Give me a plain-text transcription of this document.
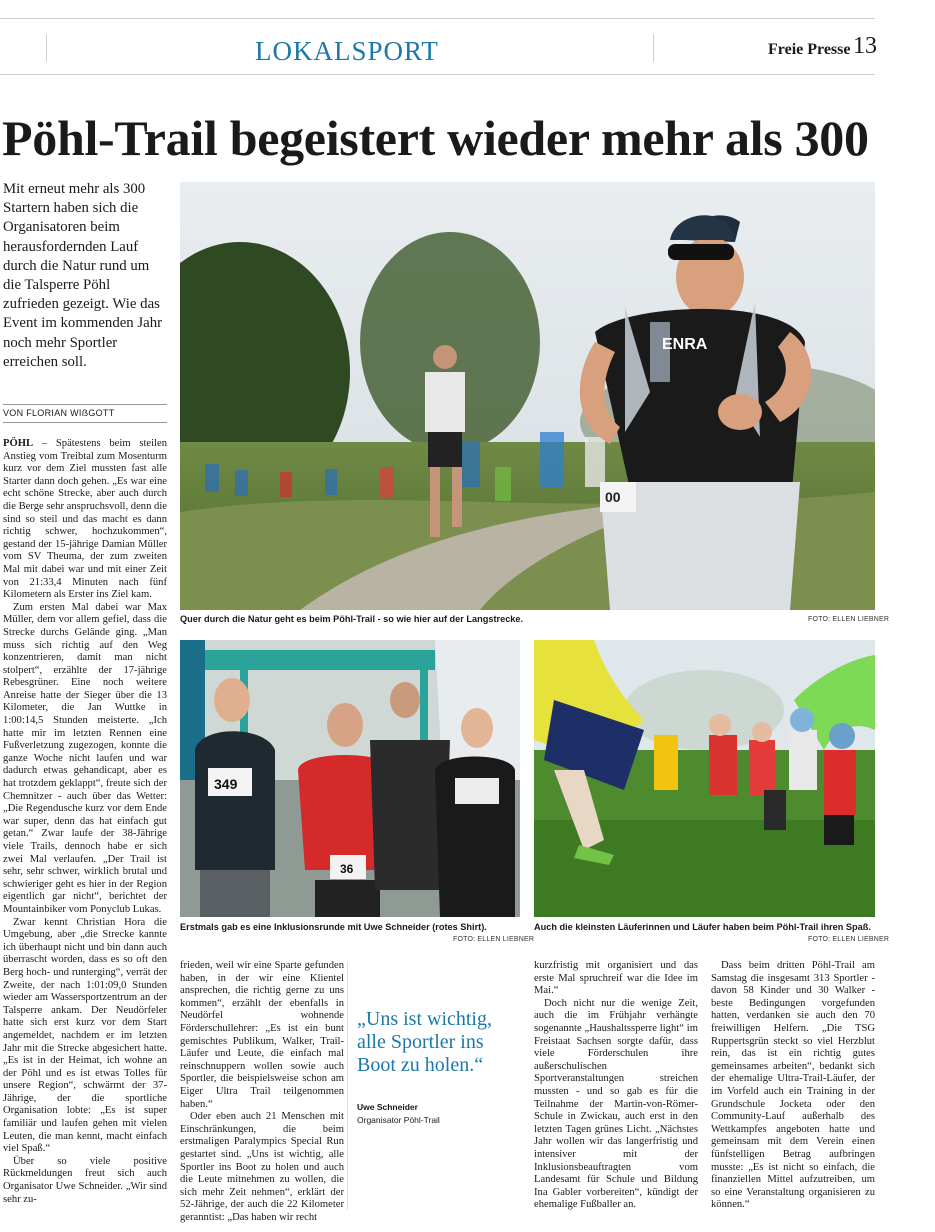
LOKALSPORT	Freie Presse 13
Pöhl-Trail begeistert wieder mehr als 300
Mit erneut mehr als 300 Startern haben sich die Organisatoren beim herausfordernden Lauf durch die Natur rund um die Talsperre Pöhl zufrieden gezeigt. Wie das Event im kommenden Jahr noch mehr Sportler erreichen soll.
VON FLORIAN WIẞGOTT
ENRA
00
Quer durch die Natur geht es beim Pöhl-Trail - so wie hier auf der Langstrecke.	FOTO: ELLEN LIEBNER
349
36
Erstmals gab es eine Inklusionsrunde mit Uwe Schneider (rotes Shirt).
FOTO: ELLEN LIEBNER
Auch die kleinsten Läuferinnen und Läufer haben beim Pöhl-Trail ihren Spaß.
FOTO: ELLEN LIEBNER

PÖHL – Spätestens beim steilen Anstieg vom Treibtal zum Mosenturm kurz vor dem Ziel mussten fast alle Starter dann doch gehen. „Es war eine echt schöne Strecke, aber auch durch die Berge sehr anspruchsvoll, denn die sind so steil und das macht es dann richtig schwer, hochzukommen“, gestand der 15-jährige Damian Müller vom SV Theuma, der zum zweiten Mal mit dabei war und mit einer Zeit von 21:33,4 Minuten nach fünf Kilometern als Erster ins Ziel kam.

Zum ersten Mal dabei war Max Müller, dem vor allem gefiel, dass die Strecke durchs Gelände ging. „Man muss sich richtig auf den Weg konzentrieren, damit man nicht stolpert“, erzählte der 17-jährige Rebesgrüner. Eine noch weitere Anreise hatte der Sieger über die 13 Kilometer, die Jan Wuttke in 1:00:14,5 Stunden meisterte. „Ich hatte mir im letzten Rennen eine Fußverletzung zugezogen, konnte die ganze Woche nicht laufen und war dadurch etwas gehandicapt, aber es hat trotzdem geklappt“, freute sich der Chemnitzer - auch über das Wetter: „Die Regendusche kurz vor dem Ende war super, denn das hat einfach gut getan.“ Zwar laufe der 38-Jährige viele Trails, dennoch habe er sich zwei Mal verlaufen. „Der Trail ist sehr, sehr schwer, wirklich brutal und schwieriger geht es hier in der Region eigentlich gar nicht“, berichtet der Mountainbiker vom Ponyclub Lukas.

Zwar kennt Christian Hora die Umgebung, aber „die Strecke kannte ich überhaupt nicht und bin dann auch überrascht worden, dass es so oft den Berg hoch- und runterging“, verrät der Zweite, der nach 1:01:09,0 Stunden wieder am Wassersportzentrum an der Talsperre ankam. Der Neudörfeler hatte sich erst kurz vor dem Start angemeldet, nachdem er im letzten Jahr mit die Strecke abgesichert hatte. „Es ist in der Heimat, ich wohne an der Pöhl und es ist etwas Tolles für unsere Region“, schwärmt der 37-Jährige, der die sportliche Organisation lobte: „Es ist super familiär und laufen gehen mit vielen Leuten, die man kennt, macht einfach viel Spaß.“

Über so viele positive Rückmeldungen freut sich auch Organisator Uwe Schneider. „Wir sind sehr zu-

frieden, weil wir eine Sparte gefunden haben, in der wir eine Klientel ansprechen, die richtig gerne zu uns kommen“, erzählt der ebenfalls in Neudörfel wohnende Förderschullehrer: „Es ist ein bunt gemischtes Publikum, Walker, Trail-Läufer und Leute, die einfach mal reinschnuppern wollen sowie auch Sportler, die beispielsweise schon am Eiger Ultra Trail teilgenommen haben.“

Oder eben auch 21 Menschen mit Einschränkungen, die beim erstmaligen Paralympics Special Run gestartet sind. „Uns ist wichtig, alle Sportler ins Boot zu holen und auch die Leute mitnehmen zu wollen, die sich mehr Zeit nehmen“, erklärt der 52-Jährige, der auch die 22 Kilometer geranntist: „Das haben wir recht

„Uns ist wichtig, alle Sportler ins Boot zu holen.“
Uwe Schneider
Organisator Pöhl-Trail

kurzfristig mit organisiert und das erste Mal spruchreif war die Idee im Mai.“

Doch nicht nur die wenige Zeit, auch die im Frühjahr verhängte sogenannte „Haushaltssperre light“ im Freistaat Sachsen sorgte dafür, dass viele Förderschulen ihre außerschulischen Sportveranstaltungen streichen mussten - und so gab es für die Teilnahme der Martin-von-Römer-Schule in Zwickau, auch erst in den letzten Tagen grünes Licht. „Nächstes Jahr wollen wir das langerfristig und intensiver mit der Inklusionsbeauftragten vom Landesamt für Schule und Bildung Ina Gabler vorbereiten“, kündigt der ehemalige Fußballer an.

Dass beim dritten Pöhl-Trail am Samstag die insgesamt 313 Sportler - davon 58 Kinder und 30 Walker - beste Bedingungen vorgefunden hatten, verdanken sie auch den 70 freiwilligen Helfern. „Die TSG Ruppertsgrün steckt so viel Herzblut rein, das ist ein richtig gutes gemeinsames arbeiten“, bedankt sich der ehemalige Ultra-Trail-Läufer, der im Vorfeld auch ein Training in der Grundschule Jocketa oder den Community-Lauf außerhalb des Wettkampfes angeboten hatte und gemeinsam mit dem Verein einen fünfstelligen Betrag aufbringen musste: „Es ist nicht so einfach, die finanziellen Mittel aufzutreiben, um so eine Veranstaltung organisieren zu können.“
